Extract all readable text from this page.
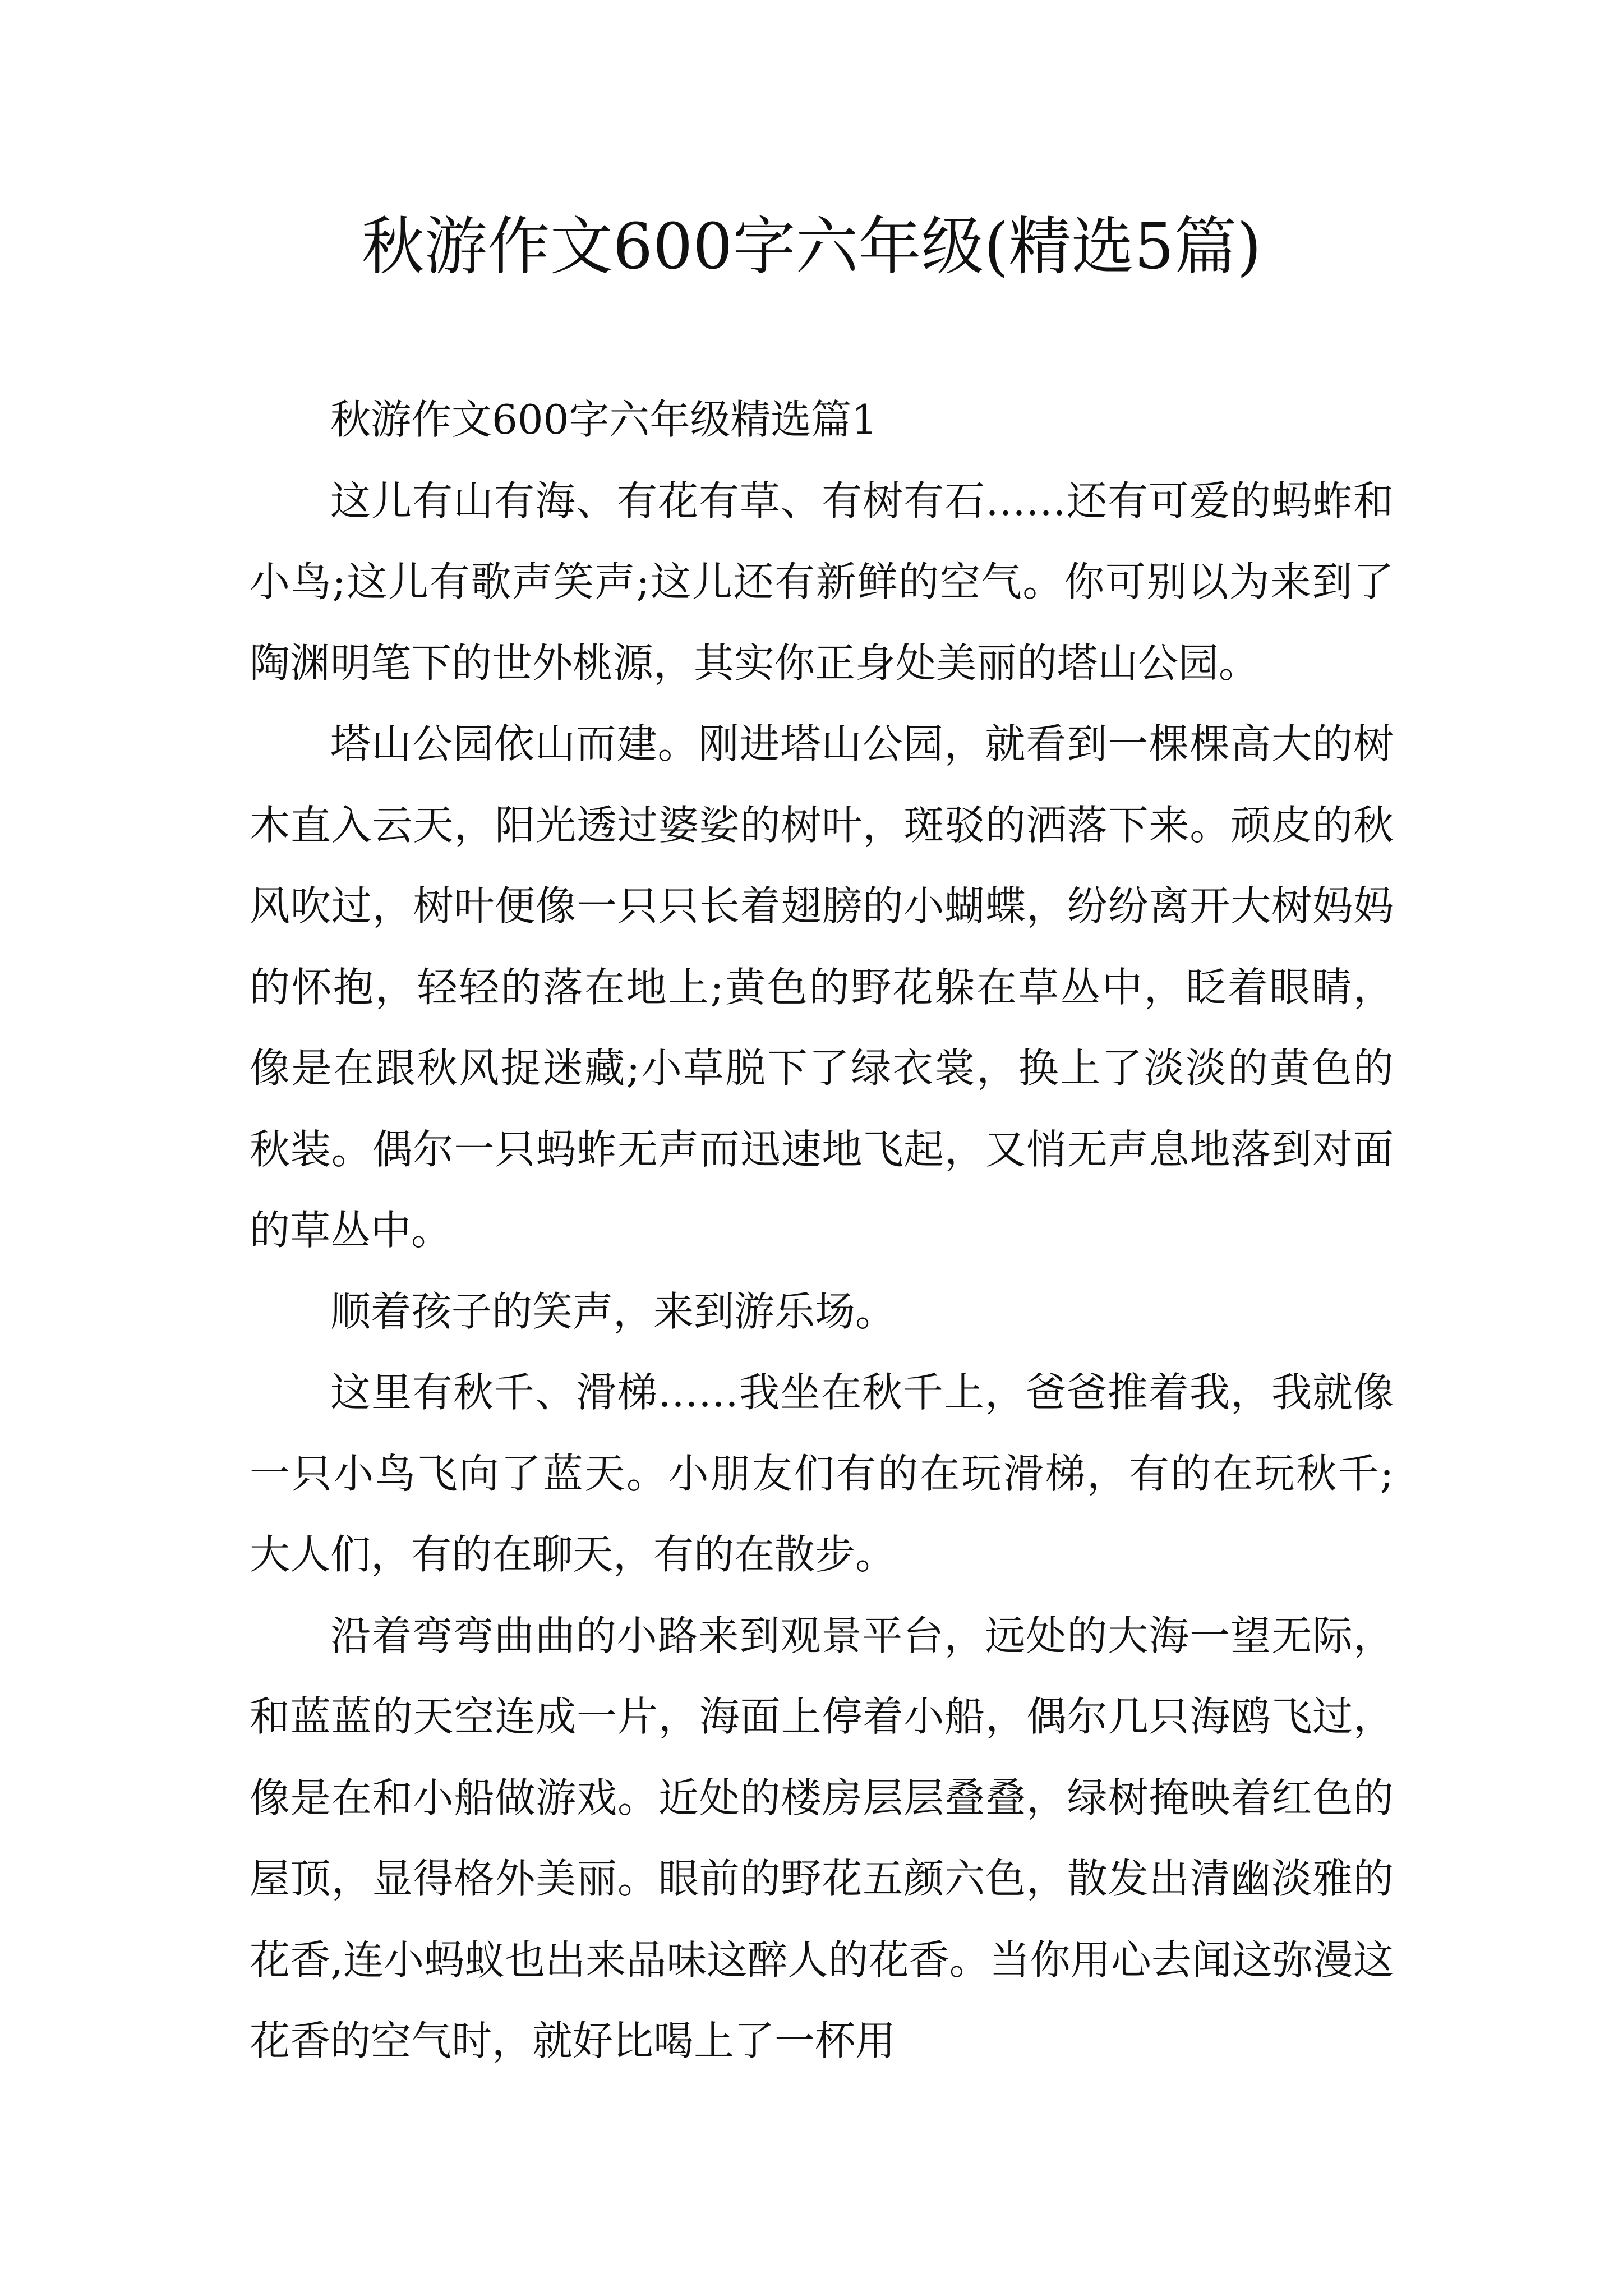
秋游作文600字六年级(精选5篇)

秋游作文600字六年级精选篇1

这儿有山有海、有花有草、有树有石……还有可爱的蚂蚱和小鸟;这儿有歌声笑声;这儿还有新鲜的空气。你可别以为来到了陶渊明笔下的世外桃源，其实你正身处美丽的塔山公园。

塔山公园依山而建。刚进塔山公园，就看到一棵棵高大的树木直入云天，阳光透过婆娑的树叶，斑驳的洒落下来。顽皮的秋风吹过，树叶便像一只只长着翅膀的小蝴蝶，纷纷离开大树妈妈的怀抱，轻轻的落在地上;黄色的野花躲在草丛中，眨着眼睛，像是在跟秋风捉迷藏;小草脱下了绿衣裳，换上了淡淡的黄色的秋装。偶尔一只蚂蚱无声而迅速地飞起，又悄无声息地落到对面的草丛中。

顺着孩子的笑声，来到游乐场。

这里有秋千、滑梯……我坐在秋千上，爸爸推着我，我就像一只小鸟飞向了蓝天。小朋友们有的在玩滑梯，有的在玩秋千;大人们，有的在聊天，有的在散步。

沿着弯弯曲曲的小路来到观景平台，远处的大海一望无际，和蓝蓝的天空连成一片，海面上停着小船，偶尔几只海鸥飞过，像是在和小船做游戏。近处的楼房层层叠叠，绿树掩映着红色的屋顶，显得格外美丽。眼前的野花五颜六色，散发出清幽淡雅的花香,连小蚂蚁也出来品味这醉人的花香。当你用心去闻这弥漫这花香的空气时，就好比喝上了一杯用
